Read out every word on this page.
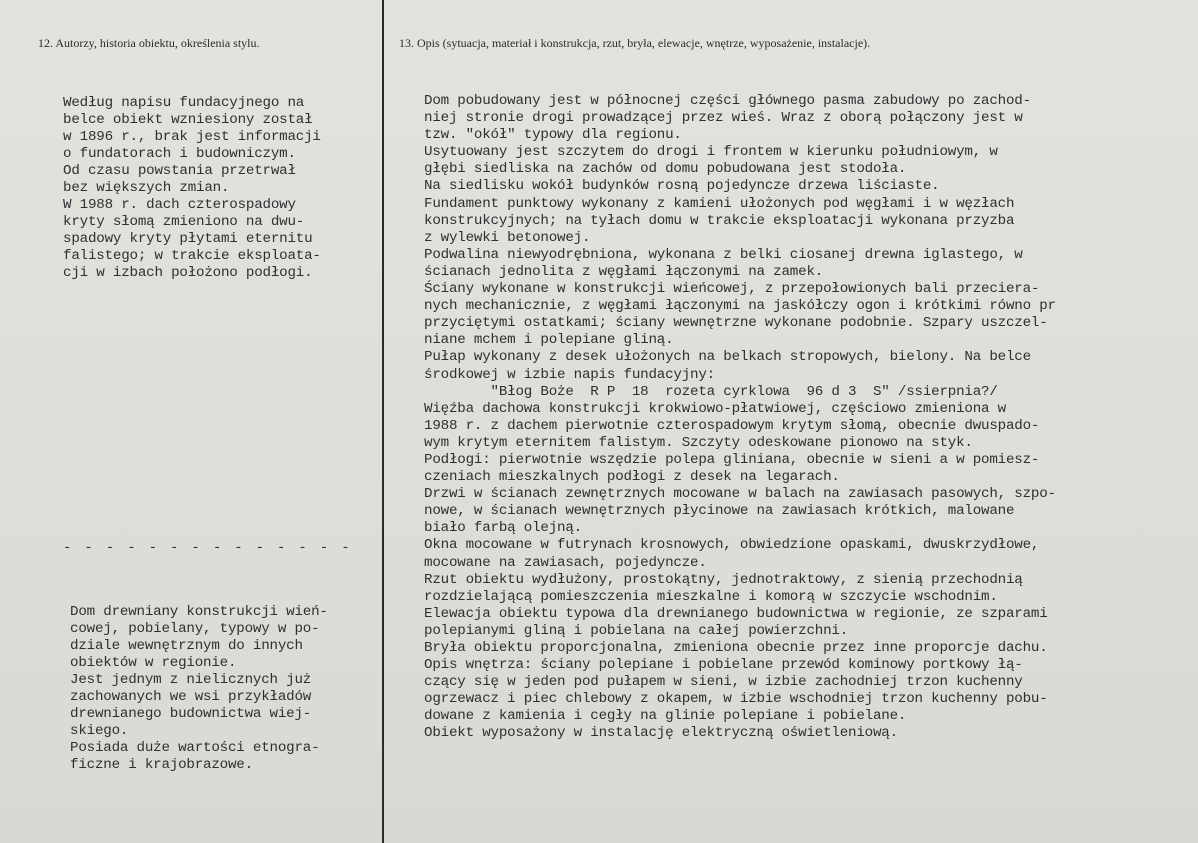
12. Autorzy, historia obiektu, określenia stylu.	13. Opis (sytuacja, materiał i konstrukcja, rzut, bryła, elewacje, wnętrze, wyposażenie, instalacje).
Według napisu fundacyjnego na
belce obiekt wzniesiony został
w 1896 r., brak jest informacji
o fundatorach i budowniczym.
Od czasu powstania przetrwał
bez większych zmian.
W 1988 r. dach czterospadowy
kryty słomą zmieniono na dwu-
spadowy kryty płytami eternitu
falistego; w trakcie eksploata-
cji w izbach położono podłogi.
- - - - - - - - - - - - - -
Dom drewniany konstrukcji wień-
cowej, pobielany, typowy w po-
dziale wewnętrznym do innych
obiektów w regionie.
Jest jednym z nielicznych już
zachowanych we wsi przykładów
drewnianego budownictwa wiej-
skiego.
Posiada duże wartości etnogra-
ficzne i krajobrazowe.
Dom pobudowany jest w północnej części głównego pasma zabudowy po zachod-
niej stronie drogi prowadzącej przez wieś. Wraz z oborą połączony jest w
tzw. "okół" typowy dla regionu.
Usytuowany jest szczytem do drogi i frontem w kierunku południowym, w
głębi siedliska na zachów od domu pobudowana jest stodoła.
Na siedlisku wokół budynków rosną pojedyncze drzewa liściaste.
Fundament punktowy wykonany z kamieni ułożonych pod węgłami i w węzłach
konstrukcyjnych; na tyłach domu w trakcie eksploatacji wykonana przyzba
z wylewki betonowej.
Podwalina niewyodrębniona, wykonana z belki ciosanej drewna iglastego, w
ścianach jednolita z węgłami łączonymi na zamek.
Ściany wykonane w konstrukcji wieńcowej, z przepołowionych bali przeciera-
nych mechanicznie, z węgłami łączonymi na jaskółczy ogon i krótkimi równo pr
przyciętymi ostatkami; ściany wewnętrzne wykonane podobnie. Szpary uszczel-
niane mchem i polepiane gliną.
Pułap wykonany z desek ułożonych na belkach stropowych, bielony. Na belce
środkowej w izbie napis fundacyjny:
"Błog Boże  R P  18  rozeta cyrklowa  96 d 3  S" /ssierpnia?/
Więźba dachowa konstrukcji krokwiowo-płatwiowej, częściowo zmieniona w
1988 r. z dachem pierwotnie czterospadowym krytym słomą, obecnie dwuspado-
wym krytym eternitem falistym. Szczyty odeskowane pionowo na styk.
Podłogi: pierwotnie wszędzie polepa gliniana, obecnie w sieni a w pomiesz-
czeniach mieszkalnych podłogi z desek na legarach.
Drzwi w ścianach zewnętrznych mocowane w balach na zawiasach pasowych, szpo-
nowe, w ścianach wewnętrznych płycinowe na zawiasach krótkich, malowane
biało farbą olejną.
Okna mocowane w futrynach krosnowych, obwiedzione opaskami, dwuskrzydłowe,
mocowane na zawiasach, pojedyncze.
Rzut obiektu wydłużony, prostokątny, jednotraktowy, z sienią przechodnią
rozdzielającą pomieszczenia mieszkalne i komorą w szczycie wschodnim.
Elewacja obiektu typowa dla drewnianego budownictwa w regionie, ze szparami
polepianymi gliną i pobielana na całej powierzchni.
Bryła obiektu proporcjonalna, zmieniona obecnie przez inne proporcje dachu.
Opis wnętrza: ściany polepiane i pobielane przewód kominowy portkowy łą-
czący się w jeden pod pułapem w sieni, w izbie zachodniej trzon kuchenny
ogrzewacz i piec chlebowy z okapem, w izbie wschodniej trzon kuchenny pobu-
dowane z kamienia i cegły na glinie polepiane i pobielane.
Obiekt wyposażony w instalację elektryczną oświetleniową.
